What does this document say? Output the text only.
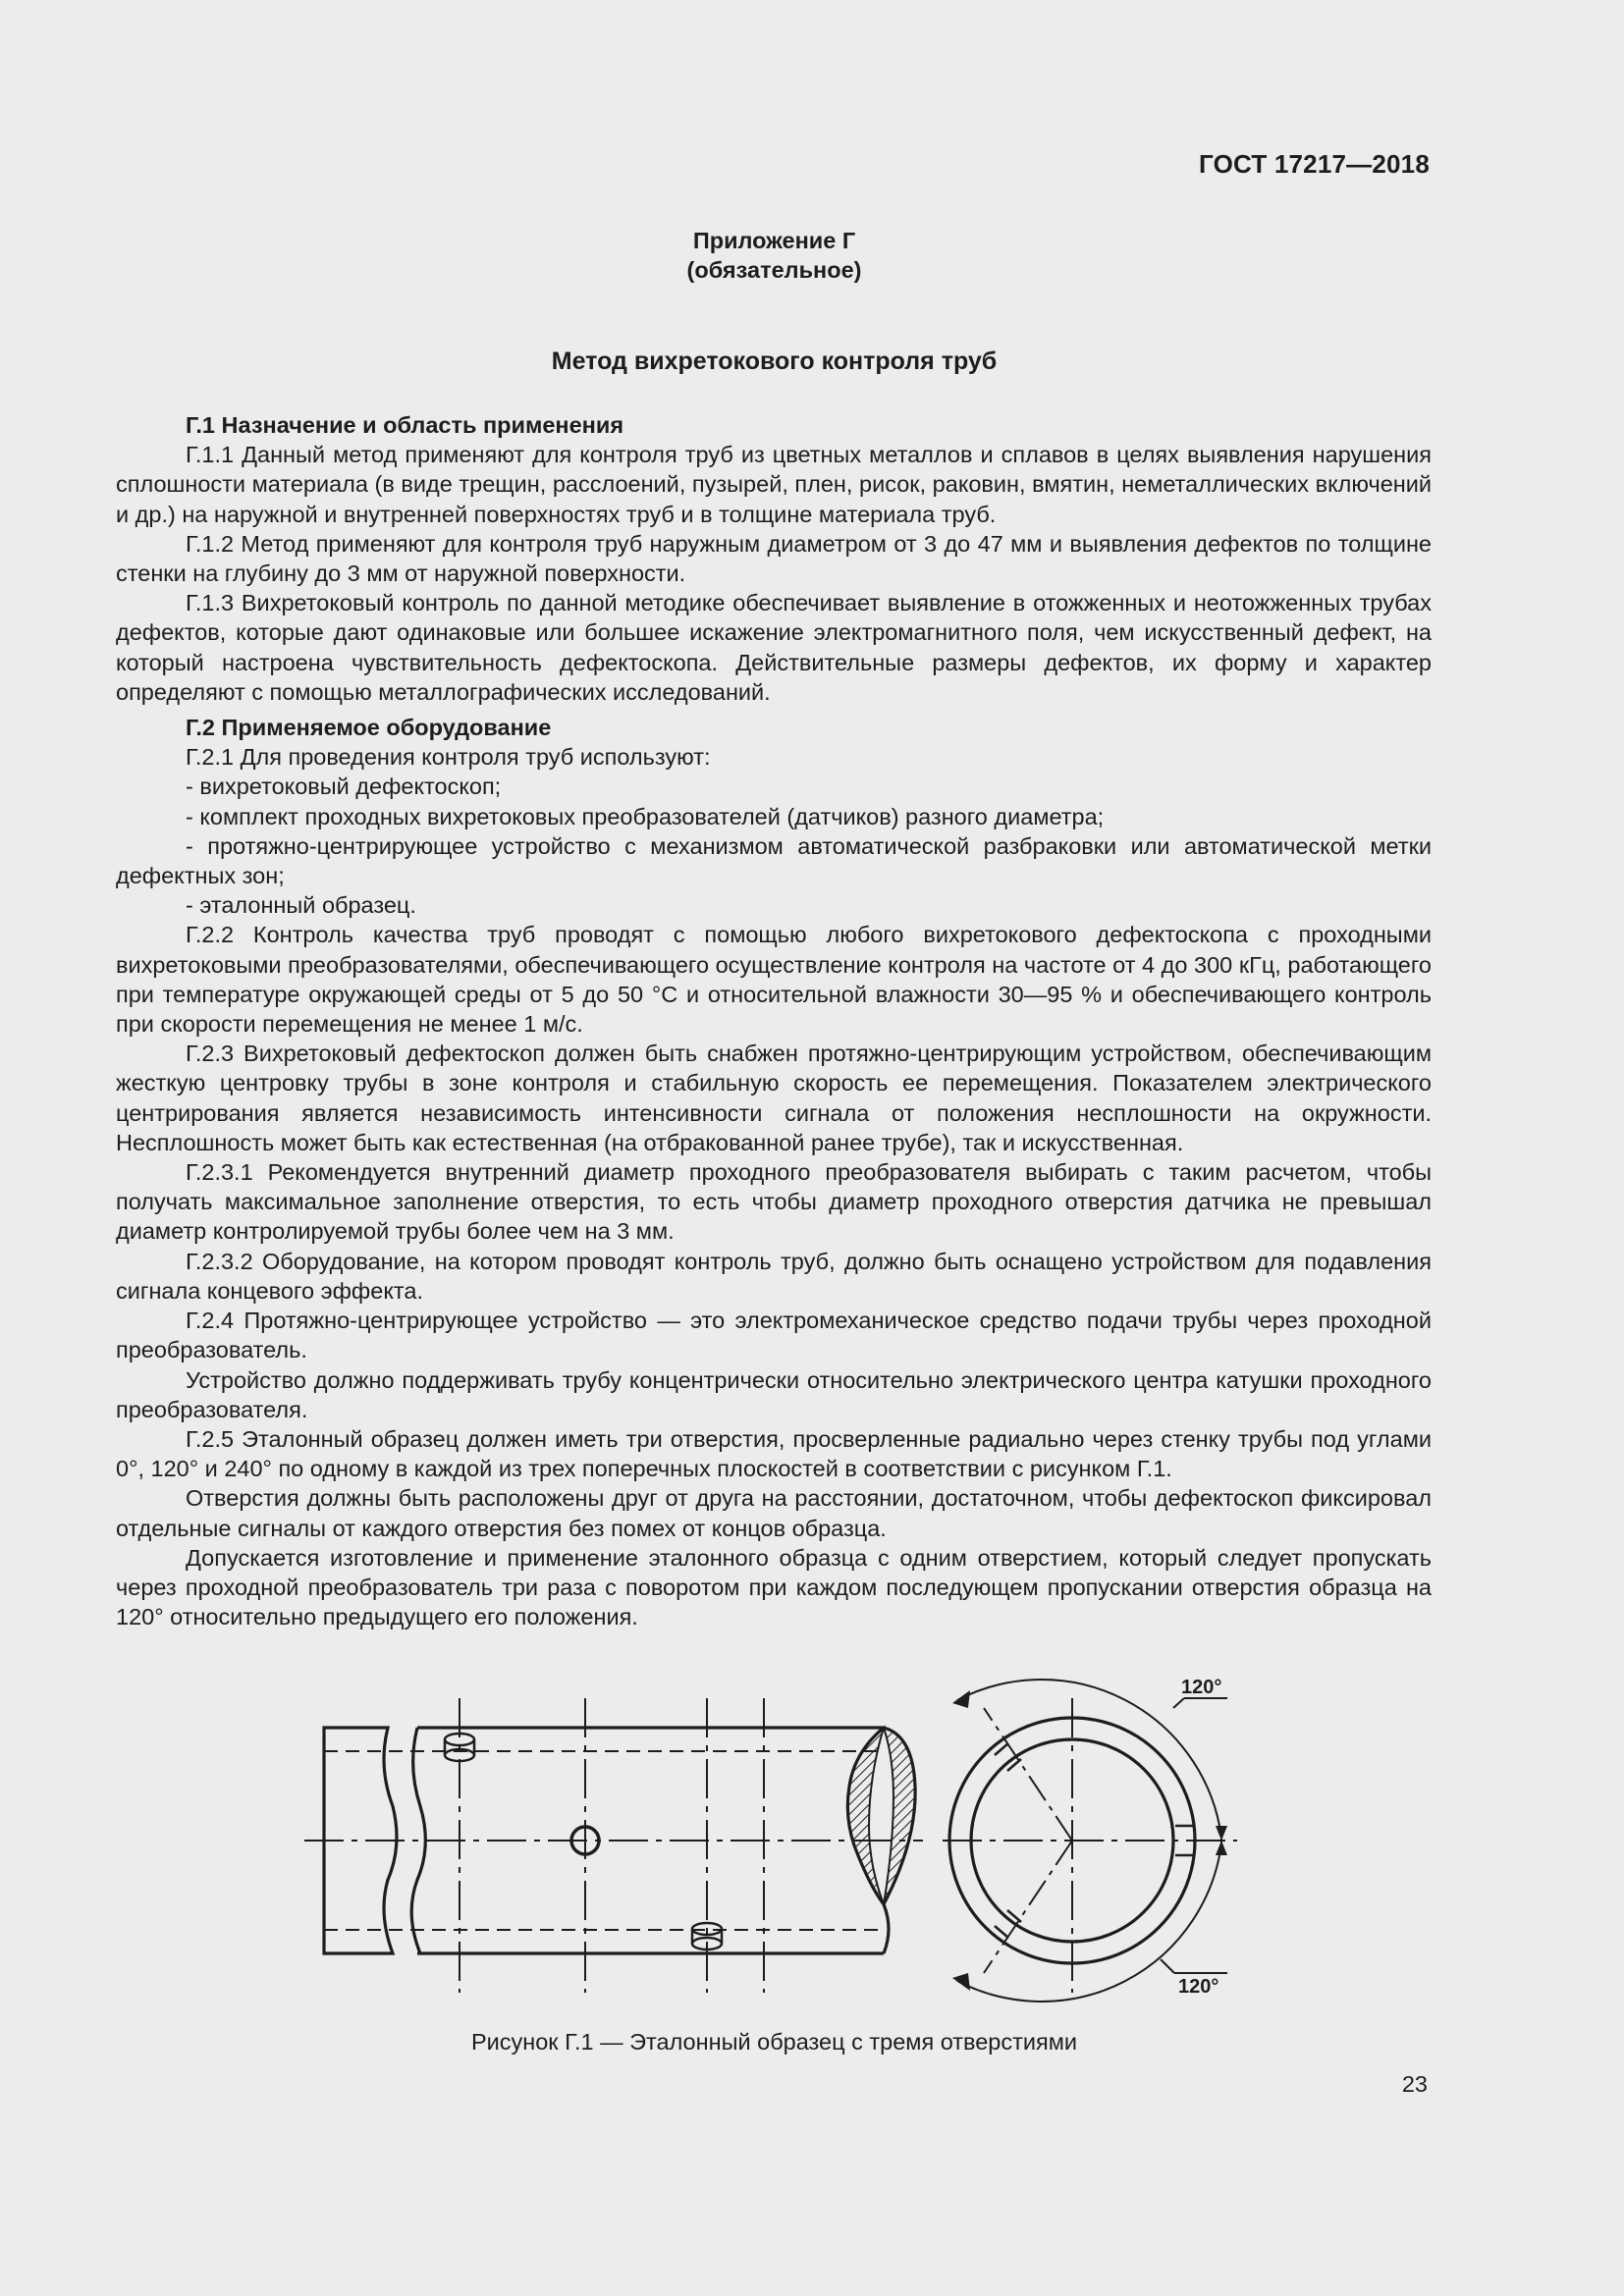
ГОСТ 17217—2018
Приложение Г
(обязательное)
Метод вихретокового контроля труб

Г.1 Назначение и область применения

Г.1.1 Данный метод применяют для контроля труб из цветных металлов и сплавов в целях выявления нарушения сплошности материала (в виде трещин, расслоений, пузырей, плен, рисок, раковин, вмятин, неметаллических включений и др.) на наружной и внутренней поверхностях труб и в толщине материала труб.

Г.1.2 Метод применяют для контроля труб наружным диаметром от 3 до 47 мм и выявления дефектов по толщине стенки на глубину до 3 мм от наружной поверхности.

Г.1.3 Вихретоковый контроль по данной методике обеспечивает выявление в отожженных и неотожженных трубах дефектов, которые дают одинаковые или большее искажение электромагнитного поля, чем искусственный дефект, на который настроена чувствительность дефектоскопа. Действительные размеры дефектов, их форму и характер определяют с помощью металлографических исследований.

Г.2 Применяемое оборудование

Г.2.1 Для проведения контроля труб используют:

- вихретоковый дефектоскоп;

- комплект проходных вихретоковых преобразователей (датчиков) разного диаметра;

- протяжно-центрирующее устройство с механизмом автоматической разбраковки или автоматической метки дефектных зон;

- эталонный образец.

Г.2.2 Контроль качества труб проводят с помощью любого вихретокового дефектоскопа с проходными вихретоковыми преобразователями, обеспечивающего осуществление контроля на частоте от 4 до 300 кГц, работающего при температуре окружающей среды от 5 до 50 °С и относительной влажности 30—95 % и обеспечивающего контроль при скорости перемещения не менее 1 м/с.

Г.2.3 Вихретоковый дефектоскоп должен быть снабжен протяжно-центрирующим устройством, обеспечивающим жесткую центровку трубы в зоне контроля и стабильную скорость ее перемещения. Показателем электрического центрирования является независимость интенсивности сигнала от положения несплошности на окружности. Несплошность может быть как естественная (на отбракованной ранее трубе), так и искусственная.

Г.2.3.1 Рекомендуется внутренний диаметр проходного преобразователя выбирать с таким расчетом, чтобы получать максимальное заполнение отверстия, то есть чтобы диаметр проходного отверстия датчика не превышал диаметр контролируемой трубы более чем на 3 мм.

Г.2.3.2 Оборудование, на котором проводят контроль труб, должно быть оснащено устройством для подавления сигнала концевого эффекта.

Г.2.4 Протяжно-центрирующее устройство — это электромеханическое средство подачи трубы через проходной преобразователь.

Устройство должно поддерживать трубу концентрически относительно электрического центра катушки проходного преобразователя.

Г.2.5 Эталонный образец должен иметь три отверстия, просверленные радиально через стенку трубы под углами 0°, 120° и 240° по одному в каждой из трех поперечных плоскостей в соответствии с рисунком Г.1.

Отверстия должны быть расположены друг от друга на расстоянии, достаточном, чтобы дефектоскоп фиксировал отдельные сигналы от каждого отверстия без помех от концов образца.

Допускается изготовление и применение эталонного образца с одним отверстием, который следует пропускать через проходной преобразователь три раза с поворотом при каждом последующем пропускании отверстия образца на 120° относительно предыдущего его положения.

120°
120°
Рисунок Г.1 — Эталонный образец с тремя отверстиями
23
